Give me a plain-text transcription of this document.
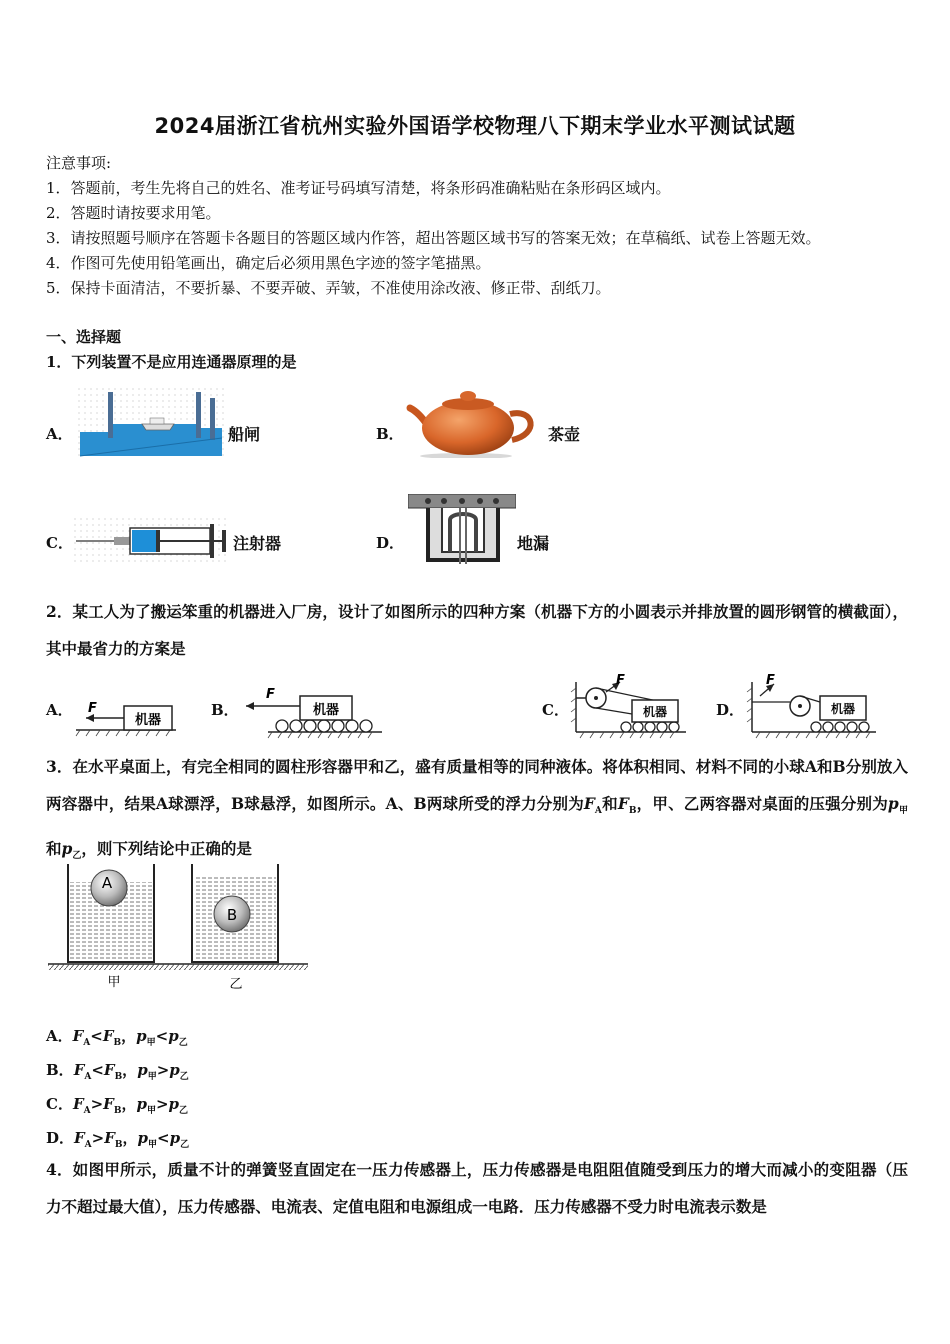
2024届浙江省杭州实验外国语学校物理八下期末学业水平测试试题
注意事项:
1．答题前，考生先将自己的姓名、准考证号码填写清楚，将条形码准确粘贴在条形码区域内。
2．答题时请按要求用笔。
3．请按照题号顺序在答题卡各题目的答题区域内作答，超出答题区域书写的答案无效；在草稿纸、试卷上答题无效。
4．作图可先使用铅笔画出，确定后必须用黑色字迹的签字笔描黑。
5．保持卡面清洁，不要折暴、不要弄破、弄皱，不准使用涂改液、修正带、刮纸刀。
一、选择题
1．下列装置不是应用连通器原理的是
A．	船闸	B．	茶壶
C．	注射器	D．	地漏
2．某工人为了搬运笨重的机器进入厂房，设计了如图所示的四种方案（机器下方的小圆表示并排放置的圆形钢管的横截面），其中最省力的方案是
A．
机器
F	B．	机器
F
C．
F
机器	D．
F
机器
3．在水平桌面上，有完全相同的圆柱形容器甲和乙，盛有质量相等的同种液体。将体积相同、材料不同的小球A和B分别放入两容器中，结果A球漂浮，B球悬浮，如图所示。A、B两球所受的浮力分别为$F_A$和$F_B$，甲、乙两容器对桌面的压强分别为$p_甲$和$p_乙$，则下列结论中正确的是
A
B
甲	乙
A．$F_A<F_B$，$p_甲<p_乙$
B．$F_A<F_B$，$p_甲>p_乙$
C．$F_A>F_B$，$p_甲>p_乙$
D．$F_A>F_B$，$p_甲<p_乙$
4．如图甲所示，质量不计的弹簧竖直固定在一压力传感器上，压力传感器是电阻阻值随受到压力的增大而减小的变阻器（压力不超过最大值），压力传感器、电流表、定值电阻和电源组成一电路．压力传感器不受力时电流表示数是
